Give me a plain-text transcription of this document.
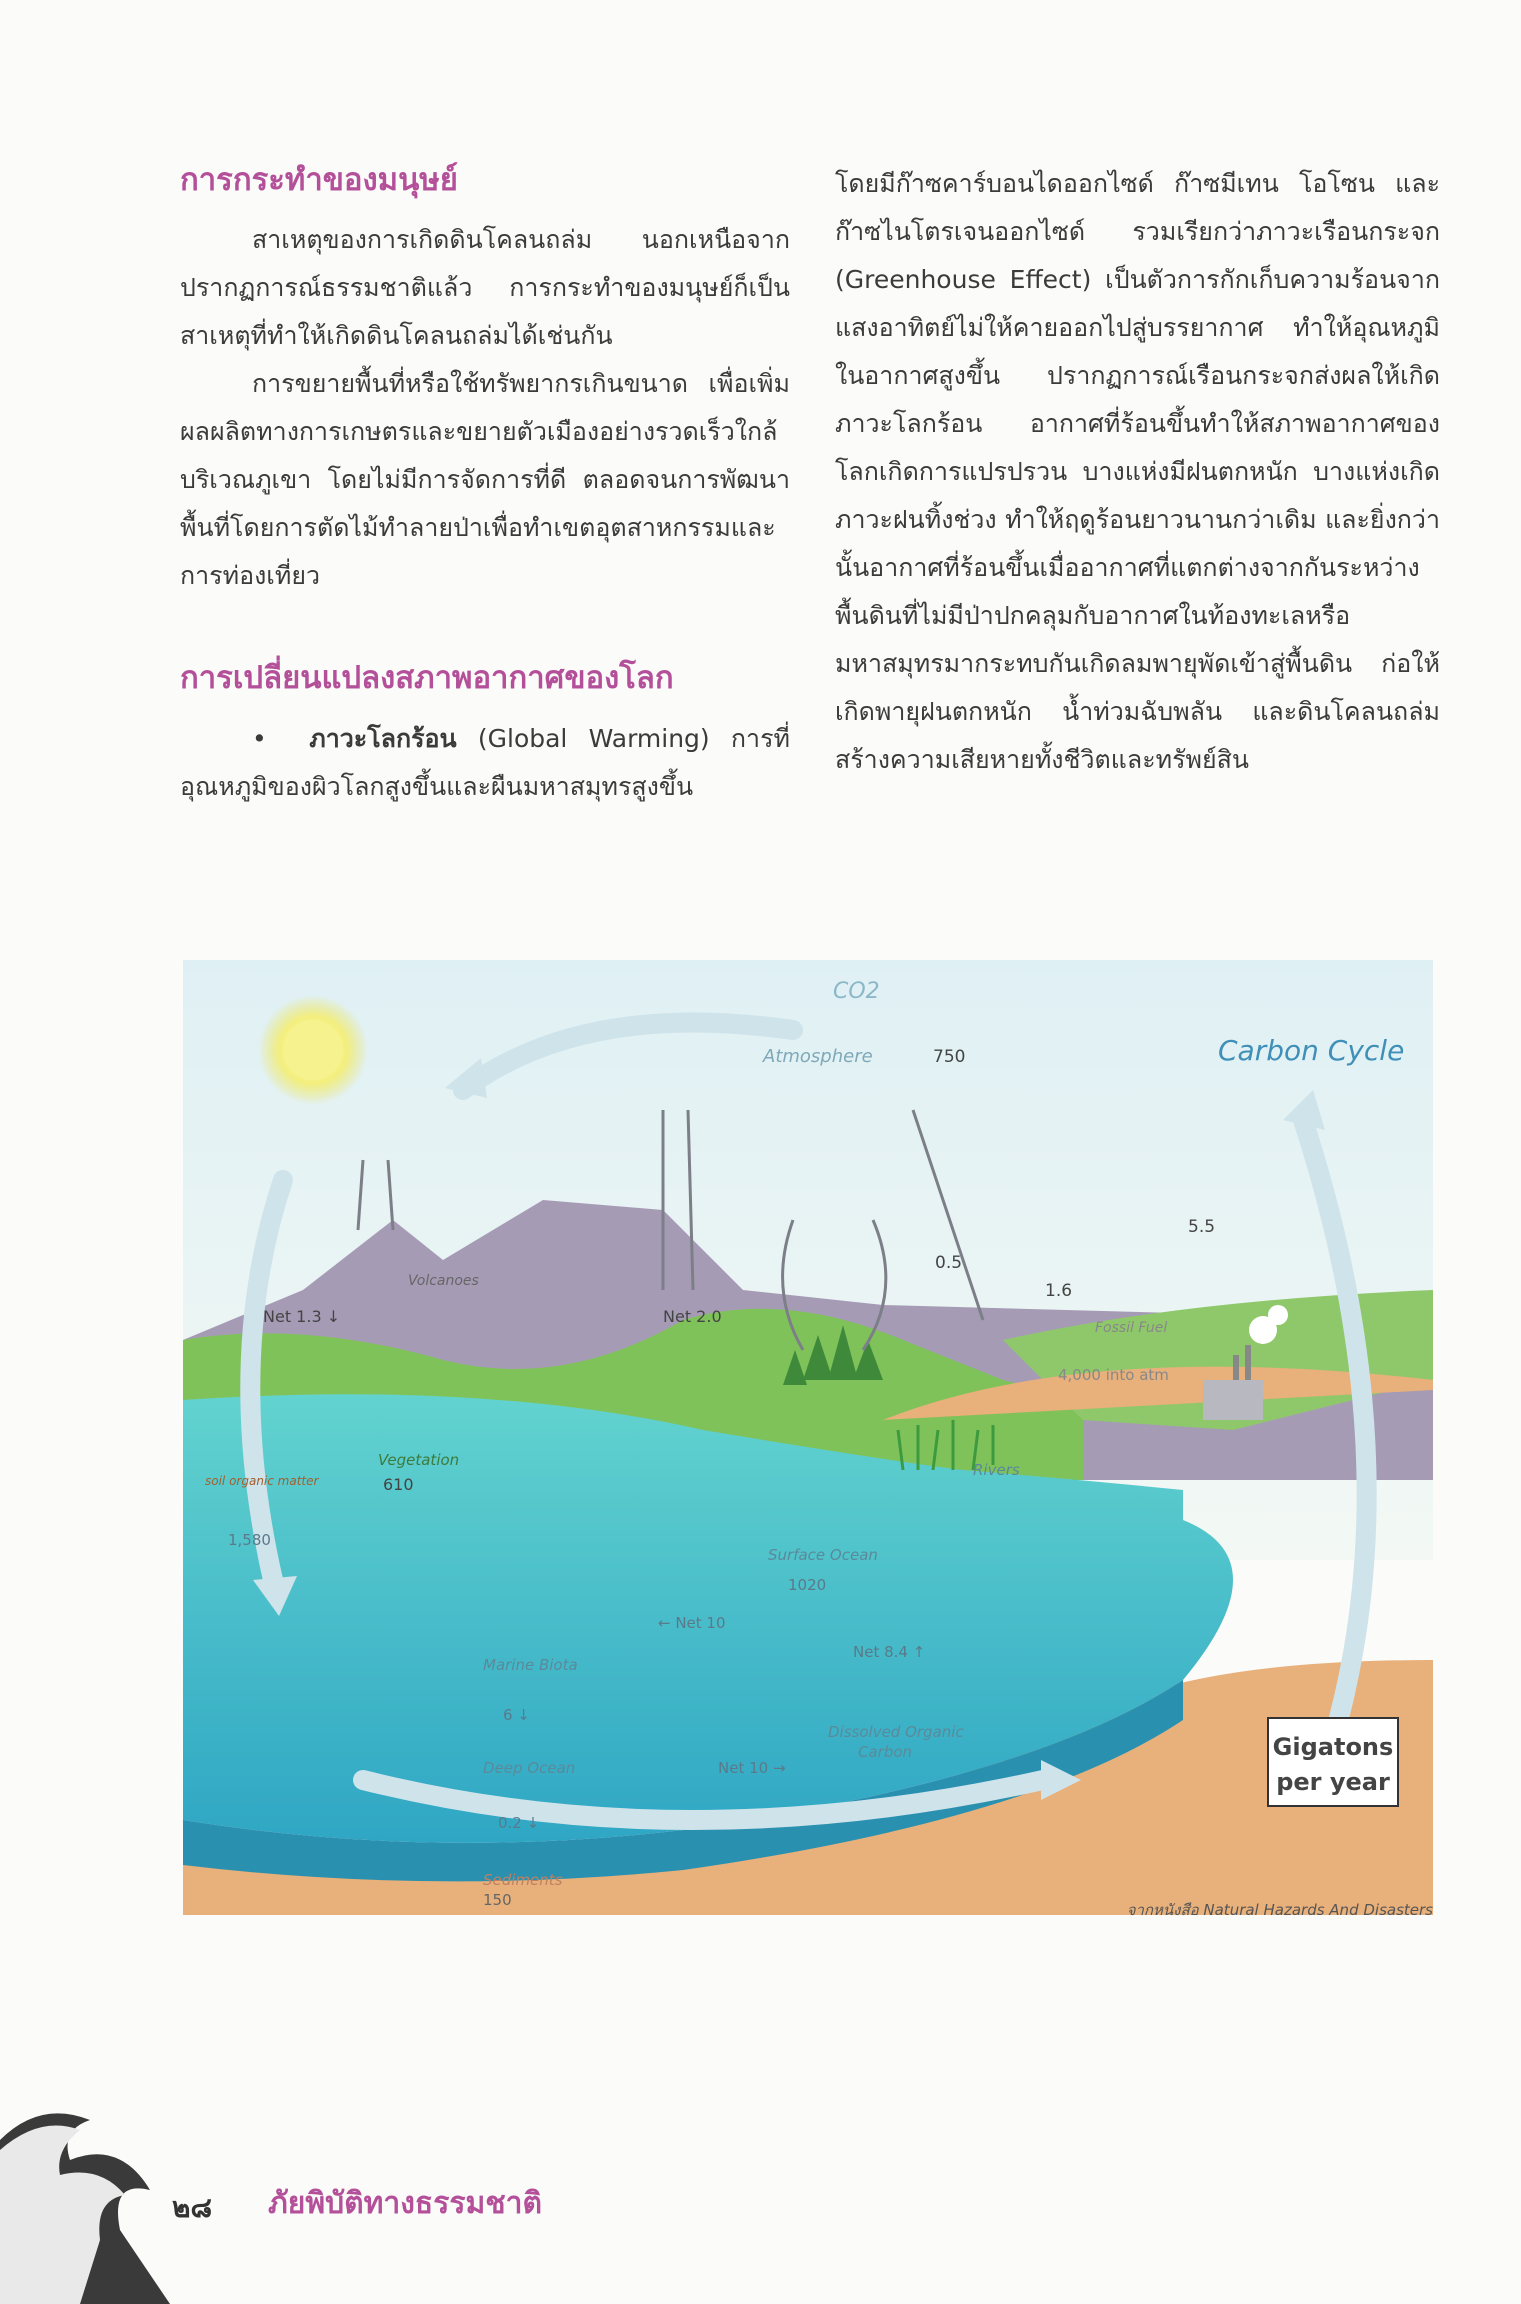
การกระทำของมนุษย์

สาเหตุของการเกิดดินโคลนถล่ม นอกเหนือจากปรากฏการณ์ธรรมชาติแล้ว การกระทำของมนุษย์ก็เป็นสาเหตุที่ทำให้เกิดดินโคลนถล่มได้เช่นกัน

การขยายพื้นที่หรือใช้ทรัพยากรเกินขนาด เพื่อเพิ่มผลผลิตทางการเกษตรและขยายตัวเมืองอย่างรวดเร็วใกล้บริเวณภูเขา โดยไม่มีการจัดการที่ดี ตลอดจนการพัฒนาพื้นที่โดยการตัดไม้ทำลายป่าเพื่อทำเขตอุตสาหกรรมและการท่องเที่ยว

การเปลี่ยนแปลงสภาพอากาศของโลก

•  ภาวะโลกร้อน (Global Warming) การที่อุณหภูมิของผิวโลกสูงขึ้นและผืนมหาสมุทรสูงขึ้น

โดยมีก๊าซคาร์บอนไดออกไซด์ ก๊าซมีเทน โอโซน และก๊าซไนโตรเจนออกไซด์ รวมเรียกว่าภาวะเรือนกระจก (Greenhouse Effect) เป็นตัวการกักเก็บความร้อนจากแสงอาทิตย์ไม่ให้คายออกไปสู่บรรยากาศ ทำให้อุณหภูมิในอากาศสูงขึ้น ปรากฏการณ์เรือนกระจกส่งผลให้เกิดภาวะโลกร้อน อากาศที่ร้อนขึ้นทำให้สภาพอากาศของโลกเกิดการแปรปรวน บางแห่งมีฝนตกหนัก บางแห่งเกิดภาวะฝนทิ้งช่วง ทำให้ฤดูร้อนยาวนานกว่าเดิม และยิ่งกว่านั้นอากาศที่ร้อนขึ้นเมื่ออากาศที่แตกต่างจากกันระหว่างพื้นดินที่ไม่มีป่าปกคลุมกับอากาศในท้องทะเลหรือมหาสมุทรมากระทบกันเกิดลมพายุพัดเข้าสู่พื้นดิน ก่อให้เกิดพายุฝนตกหนัก น้ำท่วมฉับพลัน และดินโคลนถล่ม สร้างความเสียหายทั้งชีวิตและทรัพย์สิน

CO2
Atmosphere	750	Carbon Cycle
Volcanoes
Net 1.3 ↓	Net 2.0
0.5
1.6
5.5
Fossil Fuel
4,000 into atm
Vegetation
610
soil organic matter
1,580
Rivers
Surface Ocean
1020
← Net 10
Marine Biota
Net 8.4 ↑
6 ↓
Deep Ocean	Net 10 →
Dissolved Organic
Carbon
0.2 ↓
Sediments
150
Gigatons
per year
จากหนังสือ Natural Hazards And Disasters
๒๘ ภัยพิบัติทางธรรมชาติ
